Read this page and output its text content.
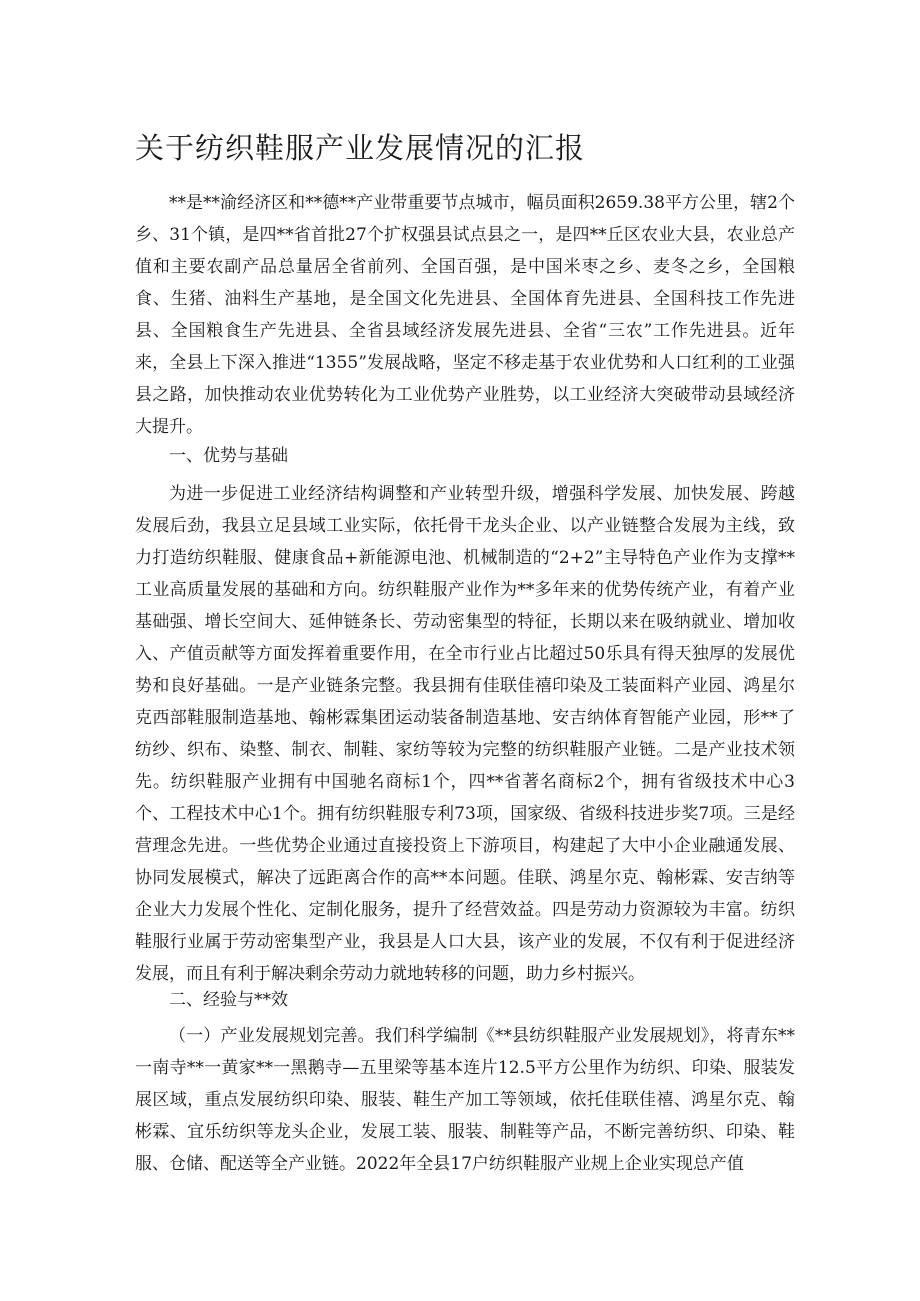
关于纺织鞋服产业发展情况的汇报

**是**渝经济区和**德**产业带重要节点城市，幅员面积2659.38平方公里，辖2个乡、31个镇，是四**省首批27个扩权强县试点县之一，是四**丘区农业大县，农业总产值和主要农副产品总量居全省前列、全国百强，是中国米枣之乡、麦冬之乡，全国粮食、生猪、油料生产基地，是全国文化先进县、全国体育先进县、全国科技工作先进县、全国粮食生产先进县、全省县域经济发展先进县、全省“三农”工作先进县。近年来，全县上下深入推进“1355”发展战略，坚定不移走基于农业优势和人口红利的工业强县之路，加快推动农业优势转化为工业优势产业胜势，以工业经济大突破带动县域经济大提升。

一、优势与基础

为进一步促进工业经济结构调整和产业转型升级，增强科学发展、加快发展、跨越发展后劲，我县立足县域工业实际，依托骨干龙头企业、以产业链整合发展为主线，致力打造纺织鞋服、健康食品+新能源电池、机械制造的“2+2”主导特色产业作为支撑**工业高质量发展的基础和方向。纺织鞋服产业作为**多年来的优势传统产业，有着产业基础强、增长空间大、延伸链条长、劳动密集型的特征，长期以来在吸纳就业、增加收入、产值贡献等方面发挥着重要作用，在全市行业占比超过50乐具有得天独厚的发展优势和良好基础。一是产业链条完整。我县拥有佳联佳禧印染及工装面料产业园、鸿星尔克西部鞋服制造基地、翰彬霖集团运动装备制造基地、安吉纳体育智能产业园，形**了纺纱、织布、染整、制衣、制鞋、家纺等较为完整的纺织鞋服产业链。二是产业技术领先。纺织鞋服产业拥有中国驰名商标1个，四**省著名商标2个，拥有省级技术中心3个、工程技术中心1个。拥有纺织鞋服专利73项，国家级、省级科技进步奖7项。三是经营理念先进。一些优势企业通过直接投资上下游项目，构建起了大中小企业融通发展、协同发展模式，解决了远距离合作的高**本问题。佳联、鸿星尔克、翰彬霖、安吉纳等企业大力发展个性化、定制化服务，提升了经营效益。四是劳动力资源较为丰富。纺织鞋服行业属于劳动密集型产业，我县是人口大县，该产业的发展，不仅有利于促进经济发展，而且有利于解决剩余劳动力就地转移的问题，助力乡村振兴。

二、经验与**效

（一）产业发展规划完善。我们科学编制《**县纺织鞋服产业发展规划》，将青东**一南寺**一黄家**一黑鹅寺—五里梁等基本连片12.5平方公里作为纺织、印染、服装发展区域，重点发展纺织印染、服装、鞋生产加工等领域，依托佳联佳禧、鸿星尔克、翰彬霖、宜乐纺织等龙头企业，发展工装、服装、制鞋等产品，不断完善纺织、印染、鞋服、仓储、配送等全产业链。2022年全县17户纺织鞋服产业规上企业实现总产值
